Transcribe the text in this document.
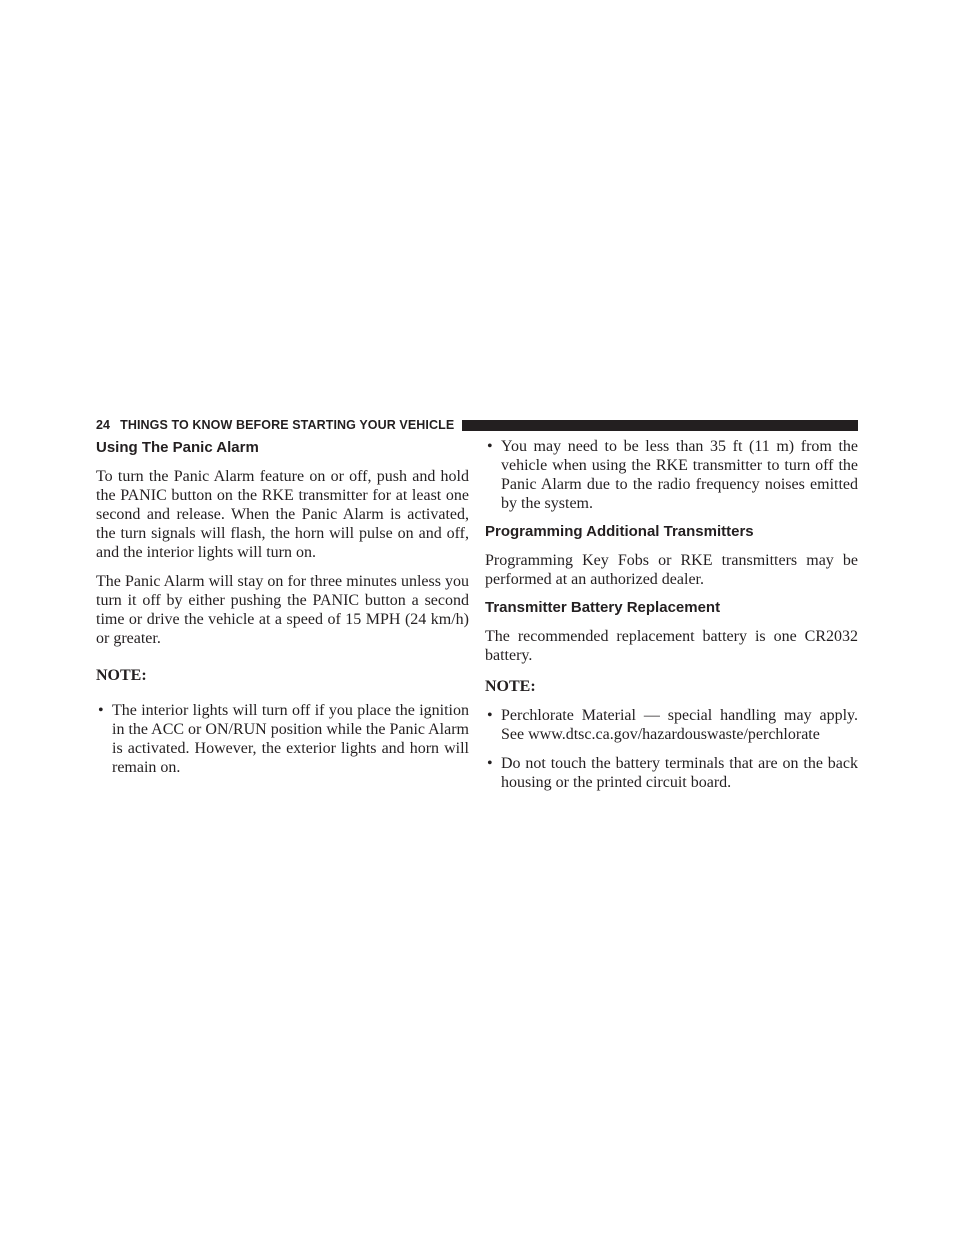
24 THINGS TO KNOW BEFORE STARTING YOUR VEHICLE
Using The Panic Alarm

To turn the Panic Alarm feature on or off, push and hold the PANIC button on the RKE transmitter for at least one second and release. When the Panic Alarm is activated, the turn signals will flash, the horn will pulse on and off, and the interior lights will turn on.

The Panic Alarm will stay on for three minutes unless you turn it off by either pushing the PANIC button a second time or drive the vehicle at a speed of 15 MPH (24 km/h) or greater.

NOTE:

• The interior lights will turn off if you place the ignition in the ACC or ON/RUN position while the Panic Alarm is activated. However, the exterior lights and horn will remain on.
• You may need to be less than 35 ft (11 m) from the vehicle when using the RKE transmitter to turn off the Panic Alarm due to the radio frequency noises emitted by the system.
Programming Additional Transmitters

Programming Key Fobs or RKE transmitters may be performed at an authorized dealer.

Transmitter Battery Replacement

The recommended replacement battery is one CR2032 battery.

NOTE:

• Perchlorate Material — special handling may apply. See www.dtsc.ca.gov/hazardouswaste/perchlorate
• Do not touch the battery terminals that are on the back housing or the printed circuit board.
